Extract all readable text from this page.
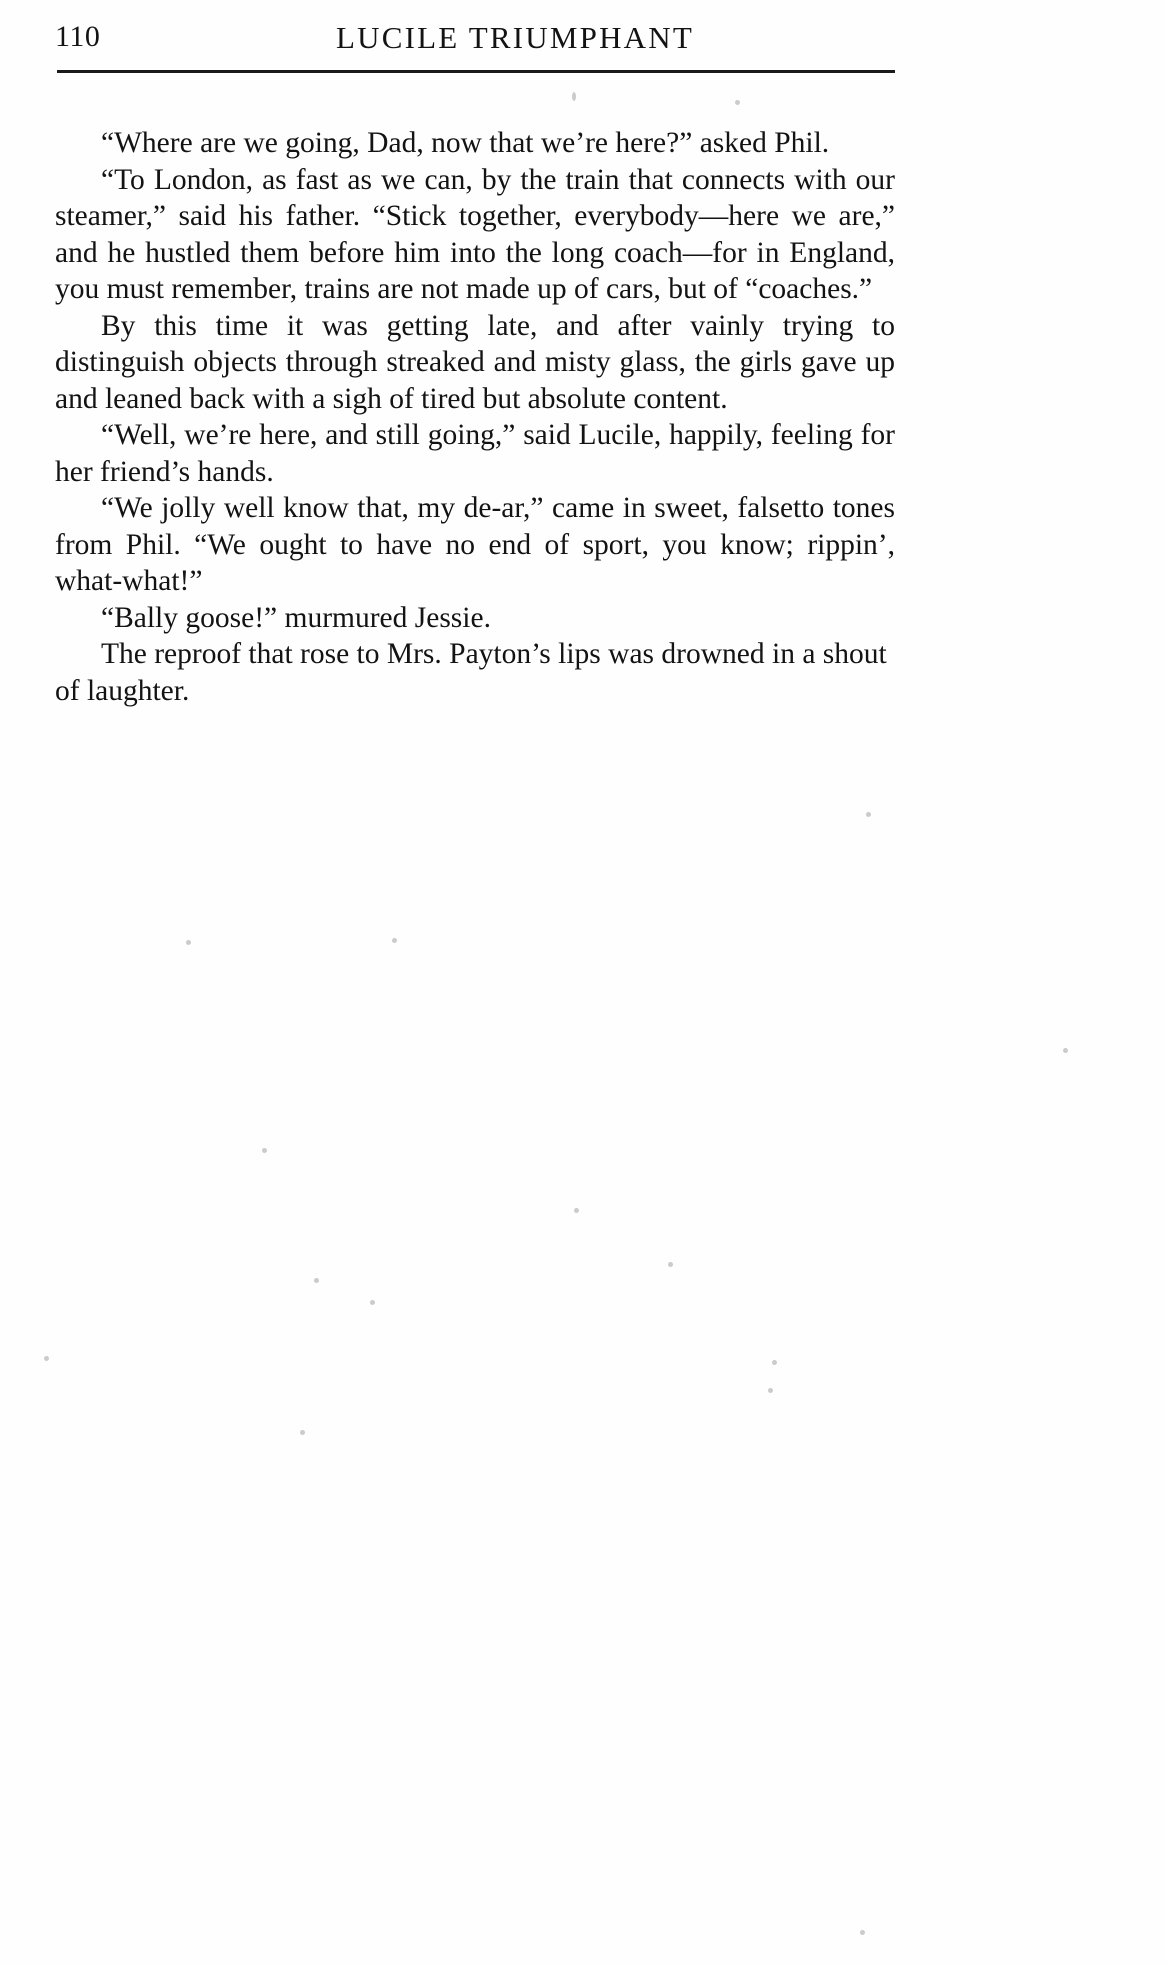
110	LUCILE TRIUMPHANT

“Where are we going, Dad, now that we’re here?” asked Phil.

“To London, as fast as we can, by the train that connects with our steamer,” said his father. “Stick together, everybody—here we are,” and he hustled them before him into the long coach—for in England, you must remember, trains are not made up of cars, but of “coaches.”

By this time it was getting late, and after vainly trying to distinguish objects through streaked and misty glass, the girls gave up and leaned back with a sigh of tired but absolute content.

“Well, we’re here, and still going,” said Lucile, happily, feeling for her friend’s hands.

“We jolly well know that, my de-ar,” came in sweet, falsetto tones from Phil. “We ought to have no end of sport, you know; rippin’, what-what!”

“Bally goose!” murmured Jessie.

The reproof that rose to Mrs. Payton’s lips was drowned in a shout of laughter.
